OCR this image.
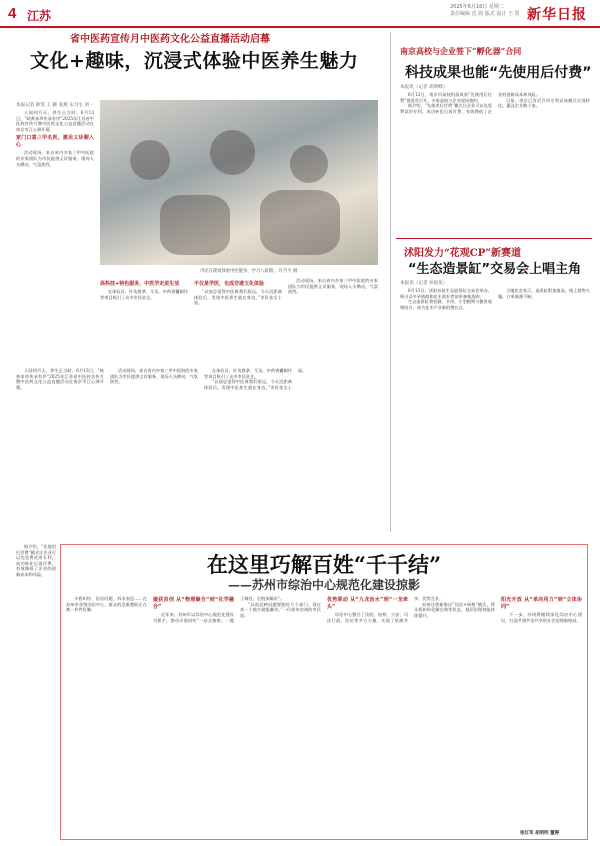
4 江苏
2025年6月16日 星期二
责任编辑 沈 韵 版式 设计 王 贺 新华日报
省中医药宣传月中医药文化公益直播活动启幕
文化+趣味，沉浸式体验中医养生魅力
本报记者 耿雯 王 颖 张燕 实习生 刘一

人间四月天，养生正当时。6月13日，“岐黄本草传承有序”2025年江苏省中医药宣传月暨中医药文化公益直播活动在南京市江心洲开幕。

家门口喜三甲名医，惠民义诊聊入心

活动现场，来自省内多家三甲中医院的专家团队为市民提供义诊服务，现场人头攒动，气氛热烈。

市民在现场体验中医健身、学习八段锦。 许乃平 摄
高科技+特色服务，中医学走进生活

在体验区，针灸推拿、艾灸、中药香囊制作等项目吸引了众多市民驻足。

不仅是学医，也成非遗文化体验

“以前总觉得中医离我们很远，今天近距离体验后，发现中医养生就在身边。”市民张女士说。

活动现场，来自省内多家三甲中医院的专家团队为市民提供义诊服务，现场人头攒动，气氛热烈。

南京高校与企业签下“孵化器”合同
科技成果也能“先使用后付费”
本报讯（记者 胡明峰）

6月12日，南京市高校科技成果“先使用后付费”推进会召开，多家高校与企业现场签约。

据介绍，“先使用后付费”模式让企业可以先免费试用专利，成功转化后再付费，有效降低了企业的创新成本和风险。

目前，南京已有近百项专利以该模式实现转化，惠及企业数十家。

沭阳发力“花观CP”新赛道
“生态造景缸”交易会上唱主角
本报讯（记者 孙国星）

6月13日，沭阳首届生态造景缸交易会举办，吸引众多采购商和花木爱好者前来参观选购。

生态造景缸将苔藓、多肉、小型植物与微景观相结合，成为花木产业新的增长点。

当地花农表示，造景缸附加值高，线上销售火爆，订单源源不断。

人间四月天，养生正当时。6月13日，“岐黄本草传承有序”2025年江苏省中医药宣传月暨中医药文化公益直播活动在南京市江心洲开幕。

活动现场，来自省内多家三甲中医院的专家团队为市民提供义诊服务，现场人头攒动，气氛热烈。

在体验区，针灸推拿、艾灸、中药香囊制作等项目吸引了众多市民驻足。

“以前总觉得中医离我们很远，今天近距离体验后，发现中医养生就在身边。”市民张女士说。

据介绍，“先使用后付费”模式让企业可以先免费试用专利，成功转化后再付费，有效降低了企业的创新成本和风险。	在这里巧解百姓“千千结”
——苏州市综治中心规范化建设掠影

矛盾纠纷、信访问题、诉求表达……在苏州市各级综治中心，群众的急难愁盼正在被一件件化解。

屡获首创 从“物理聚合”到“化学融合”

近年来，苏州市以综治中心规范化建设为抓手，推动矛盾纠纷“一站式接收、一揽子调处、全链条解决”。

“以前反映问题要跑好几个部门，现在来一个地方就能解决。”一位前来咨询的市民说。

优势联动 从“九龙治水”到“一龙牵头”

综治中心整合了法院、检察、公安、司法行政、信访等多方力量，实现了资源共享、优势互补。

苏州还创新推出“综治+网格”模式，将矛盾纠纷化解在萌芽状态，基层治理效能持续提升。

阳光开放 从“单向用力”到“立体协同”

下一步，苏州将继续深化综治中心建设，打造共建共治共享的社会治理新格局。

张红军 胡明明 董婷
